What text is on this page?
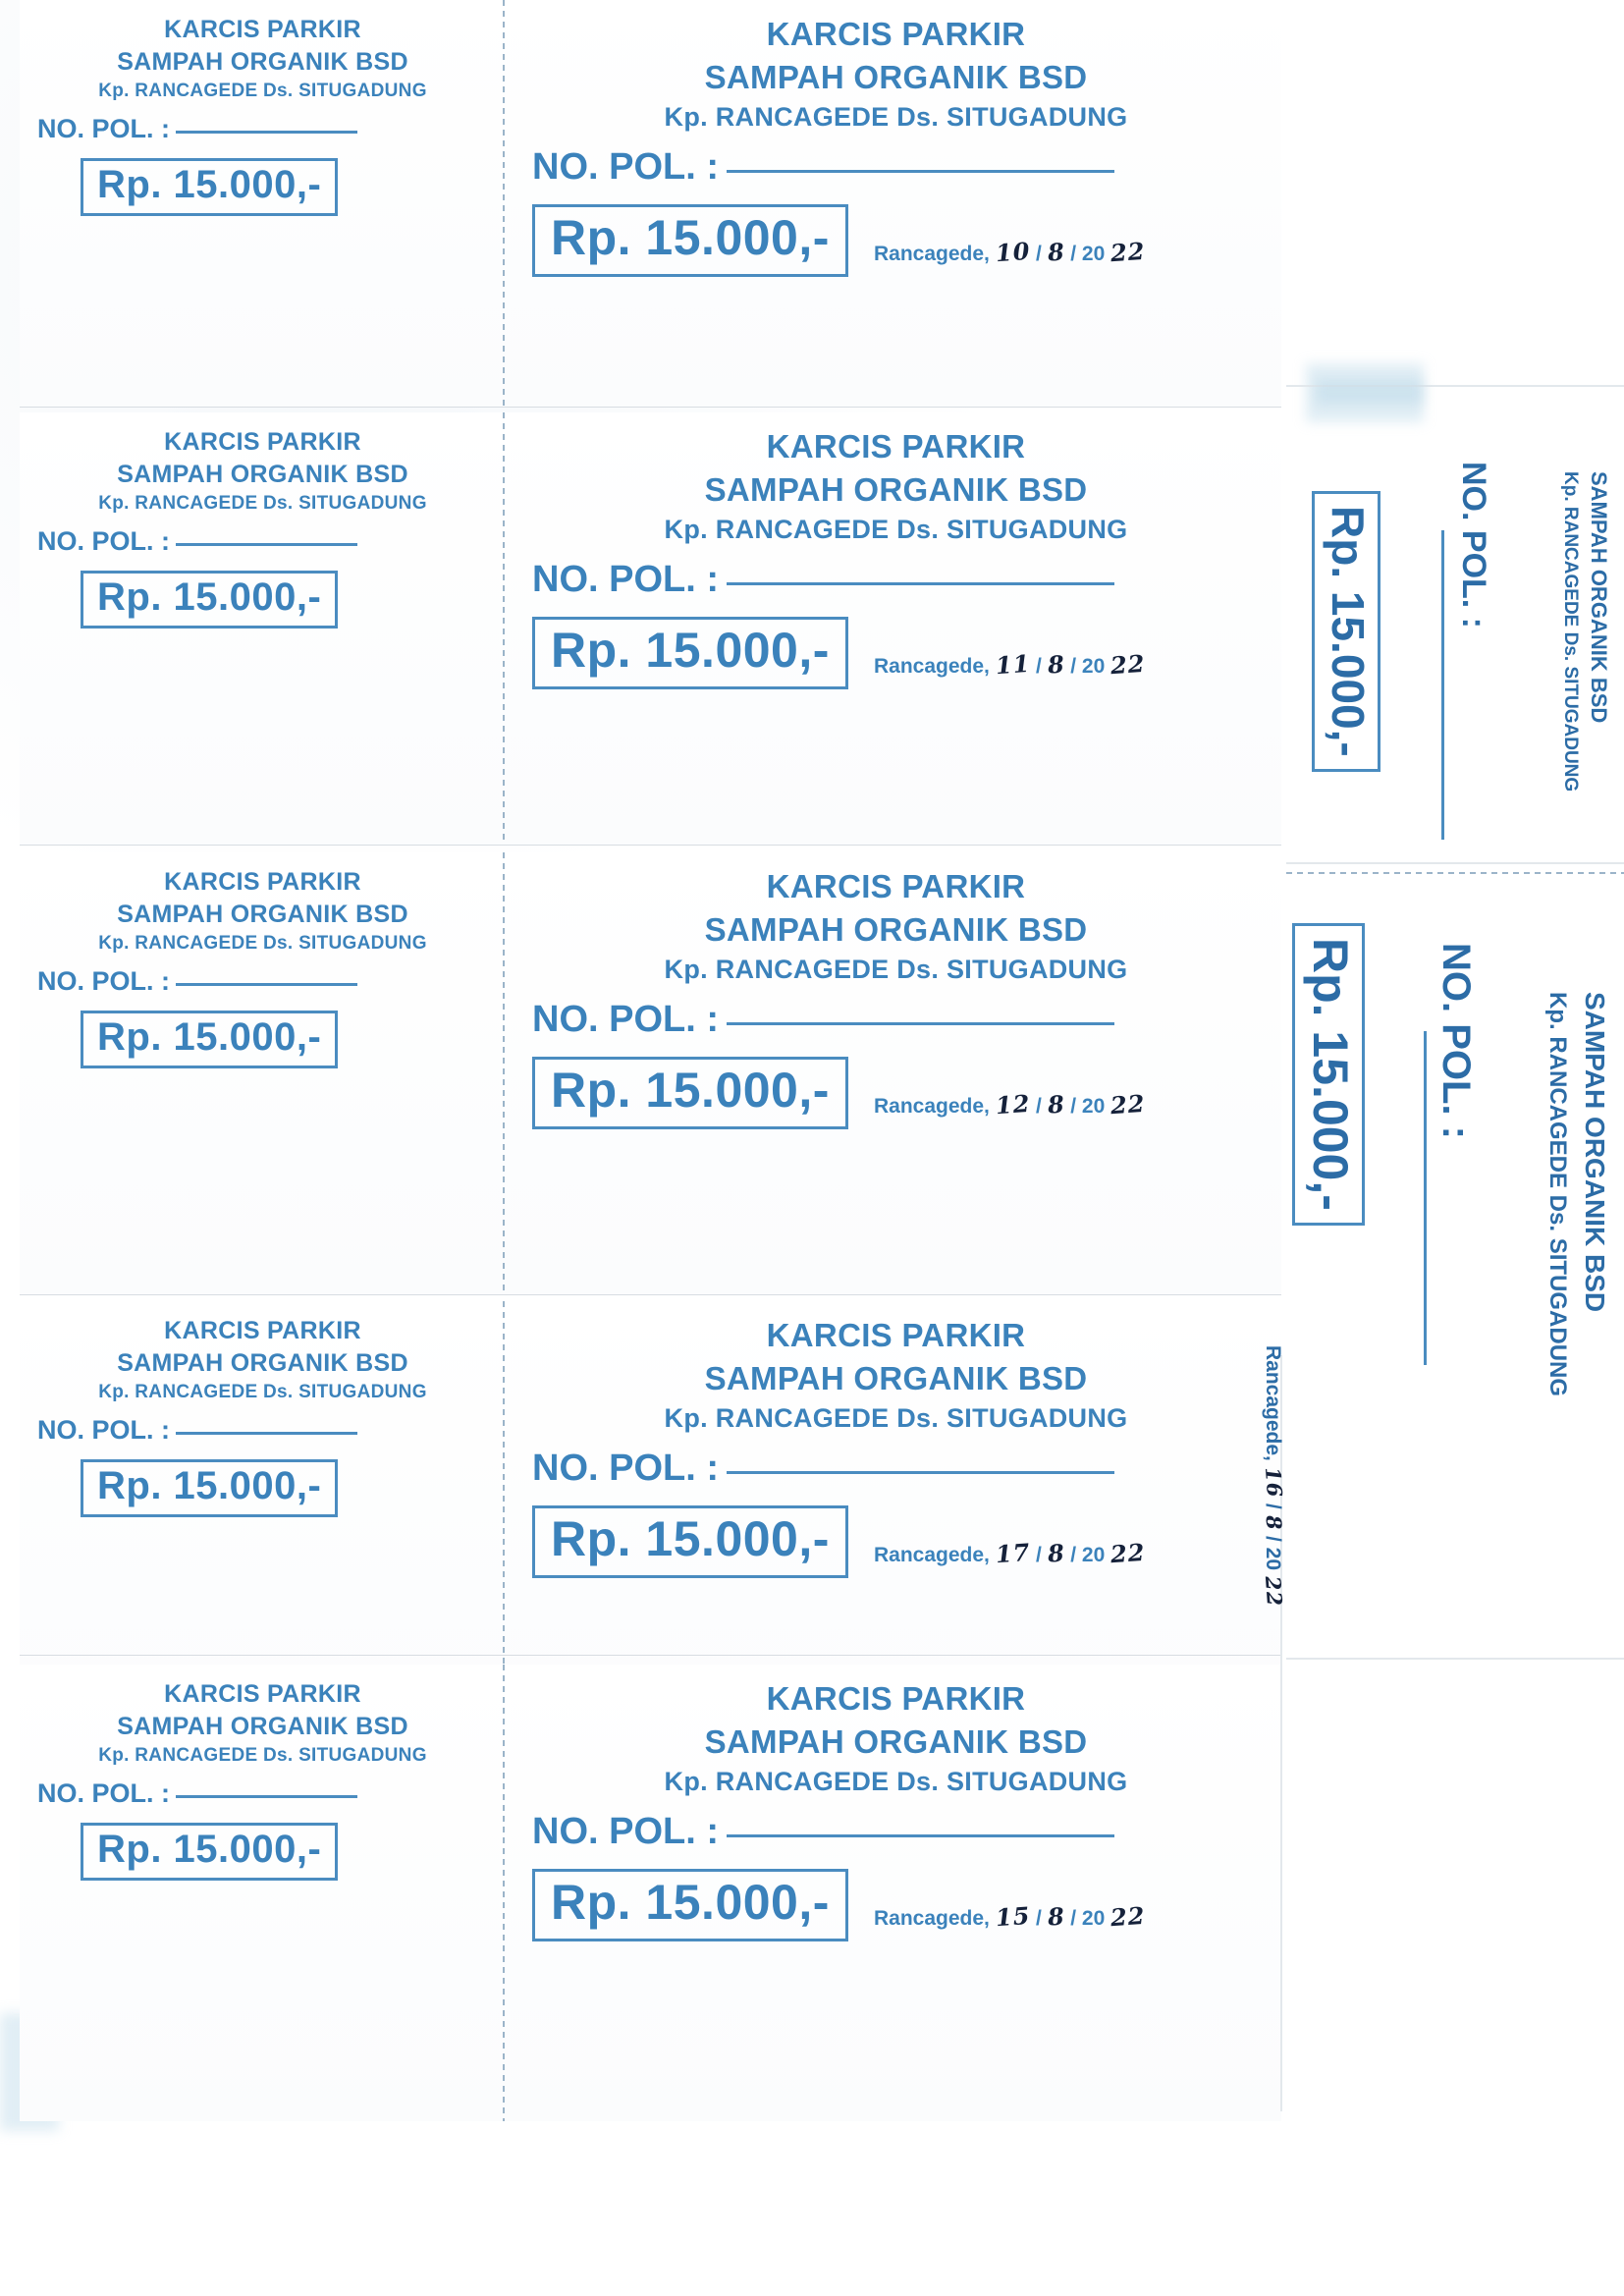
KARCIS PARKIR
SAMPAH ORGANIK BSD
Kp. RANCAGEDE Ds. SITUGADUNG
NO. POL. :
Rp. 15.000,-
KARCIS PARKIR
SAMPAH ORGANIK BSD
Kp. RANCAGEDE Ds. SITUGADUNG
NO. POL. :
Rp. 15.000,-	Rancagede, 10 / 8 / 20 22
KARCIS PARKIR
SAMPAH ORGANIK BSD
Kp. RANCAGEDE Ds. SITUGADUNG
NO. POL. :
Rp. 15.000,-
KARCIS PARKIR
SAMPAH ORGANIK BSD
Kp. RANCAGEDE Ds. SITUGADUNG
NO. POL. :
Rp. 15.000,-	Rancagede, 11 / 8 / 20 22
KARCIS PARKIR
SAMPAH ORGANIK BSD
Kp. RANCAGEDE Ds. SITUGADUNG
NO. POL. :
Rp. 15.000,-
KARCIS PARKIR
SAMPAH ORGANIK BSD
Kp. RANCAGEDE Ds. SITUGADUNG
NO. POL. :
Rp. 15.000,-	Rancagede, 12 / 8 / 20 22
KARCIS PARKIR
SAMPAH ORGANIK BSD
Kp. RANCAGEDE Ds. SITUGADUNG
NO. POL. :
Rp. 15.000,-
KARCIS PARKIR
SAMPAH ORGANIK BSD
Kp. RANCAGEDE Ds. SITUGADUNG
NO. POL. :
Rp. 15.000,-	Rancagede, 17 / 8 / 20 22
KARCIS PARKIR
SAMPAH ORGANIK BSD
Kp. RANCAGEDE Ds. SITUGADUNG
NO. POL. :
Rp. 15.000,-
KARCIS PARKIR
SAMPAH ORGANIK BSD
Kp. RANCAGEDE Ds. SITUGADUNG
NO. POL. :
Rp. 15.000,-	Rancagede, 15 / 8 / 20 22
SAMPAH ORGANIK BSD
Kp. RANCAGEDE Ds. SITUGADUNG
NO. POL. :
Rp. 15.000,-
SAMPAH ORGANIK BSD
Kp. RANCAGEDE Ds. SITUGADUNG
NO. POL. :
Rp. 15.000,-
Rancagede, 16 / 8 / 20 22
